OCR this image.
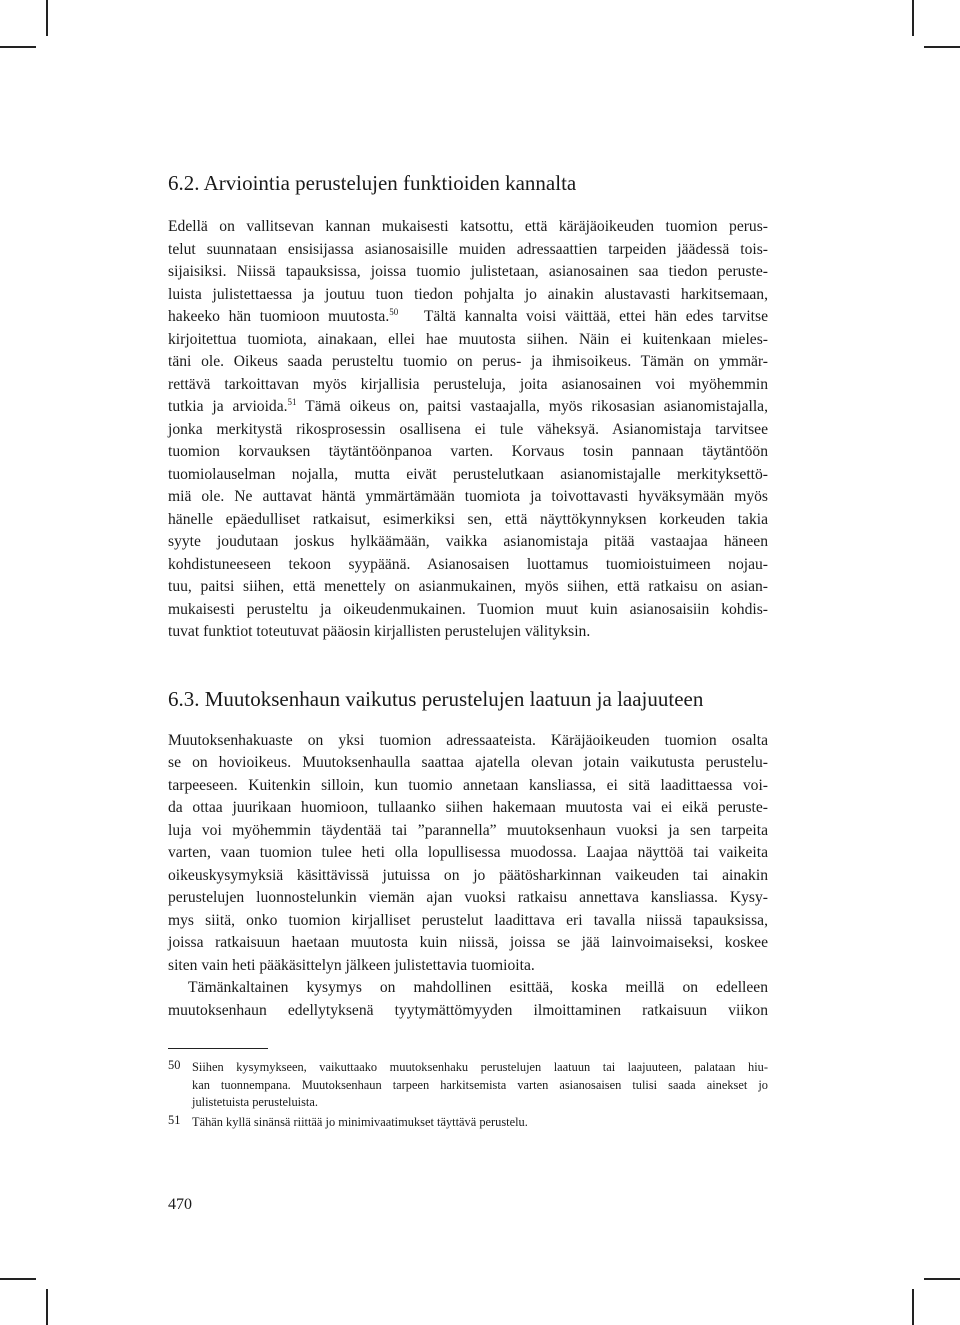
6.2. Arviointia perustelujen funktioiden kannalta

Edellä on vallitsevan kannan mukaisesti katsottu, että käräjäoikeuden tuomion perus-
telut suunnataan ensisijassa asianosaisille muiden adressaattien tarpeiden jäädessä tois-
sijaisiksi. Niissä tapauksissa, joissa tuomio julistetaan, asianosainen saa tiedon peruste-
luista julistettaessa ja joutuu tuon tiedon pohjalta jo ainakin alustavasti harkitsemaan,
hakeeko hän tuomioon muutosta.$^{50}$ Tältä kannalta voisi väittää, ettei hän edes tarvitse
kirjoitettua tuomiota, ainakaan, ellei hae muutosta siihen. Näin ei kuitenkaan mieles-
täni ole. Oikeus saada perusteltu tuomio on perus- ja ihmisoikeus. Tämän on ymmär-
rettävä tarkoittavan myös kirjallisia perusteluja, joita asianosainen voi myöhemmin
tutkia ja arvioida.$^{51}$ Tämä oikeus on, paitsi vastaajalla, myös rikosasian asianomistajalla,
jonka merkitystä rikosprosessin osallisena ei tule väheksyä. Asianomistaja tarvitsee
tuomion korvauksen täytäntöönpanoa varten. Korvaus tosin pannaan täytäntöön
tuomiolauselman nojalla, mutta eivät perustelutkaan asianomistajalle merkityksettö-
miä ole. Ne auttavat häntä ymmärtämään tuomiota ja toivottavasti hyväksymään myös
hänelle epäedulliset ratkaisut, esimerkiksi sen, että näyttökynnyksen korkeuden takia
syyte joudutaan joskus hylkäämään, vaikka asianomistaja pitää vastaajaa häneen
kohdistuneeseen tekoon syypäänä. Asianosaisen luottamus tuomioistuimeen nojau-
tuu, paitsi siihen, että menettely on asianmukainen, myös siihen, että ratkaisu on asian-
mukaisesti perusteltu ja oikeudenmukainen. Tuomion muut kuin asianosaisiin kohdis-
tuvat funktiot toteutuvat pääosin kirjallisten perustelujen välityksin.

6.3. Muutoksenhaun vaikutus perustelujen laatuun ja laajuuteen

Muutoksenhakuaste on yksi tuomion adressaateista. Käräjäoikeuden tuomion osalta
se on hovioikeus. Muutoksenhaulla saattaa ajatella olevan jotain vaikutusta perustelu-
tarpeeseen. Kuitenkin silloin, kun tuomio annetaan kansliassa, ei sitä laadittaessa voi-
da ottaa juurikaan huomioon, tullaanko siihen hakemaan muutosta vai ei eikä peruste-
luja voi myöhemmin täydentää tai ”parannella” muutoksenhaun vuoksi ja sen tarpeita
varten, vaan tuomion tulee heti olla lopullisessa muodossa. Laajaa näyttöä tai vaikeita
oikeuskysymyksiä käsittävissä jutuissa on jo päätösharkinnan vaikeuden tai ainakin
perustelujen luonnostelunkin viemän ajan vuoksi ratkaisu annettava kansliassa. Kysy-
mys siitä, onko tuomion kirjalliset perustelut laadittava eri tavalla niissä tapauksissa,
joissa ratkaisuun haetaan muutosta kuin niissä, joissa se jää lainvoimaiseksi, koskee
siten vain heti pääkäsittelyn jälkeen julistettavia tuomioita.

Tämänkaltainen kysymys on mahdollinen esittää, koska meillä on edelleen
muutoksenhaun edellytyksenä tyytymättömyyden ilmoittaminen ratkaisuun viikon

50 Siihen kysymykseen, vaikuttaako muutoksenhaku perustelujen laatuun tai laajuuteen, palataan hiu-
kan tuonnempana. Muutoksenhaun tarpeen harkitsemista varten asianosaisen tulisi saada ainekset jo
julistetuista perusteluista.
51 Tähän kyllä sinänsä riittää jo minimivaatimukset täyttävä perustelu.
470
